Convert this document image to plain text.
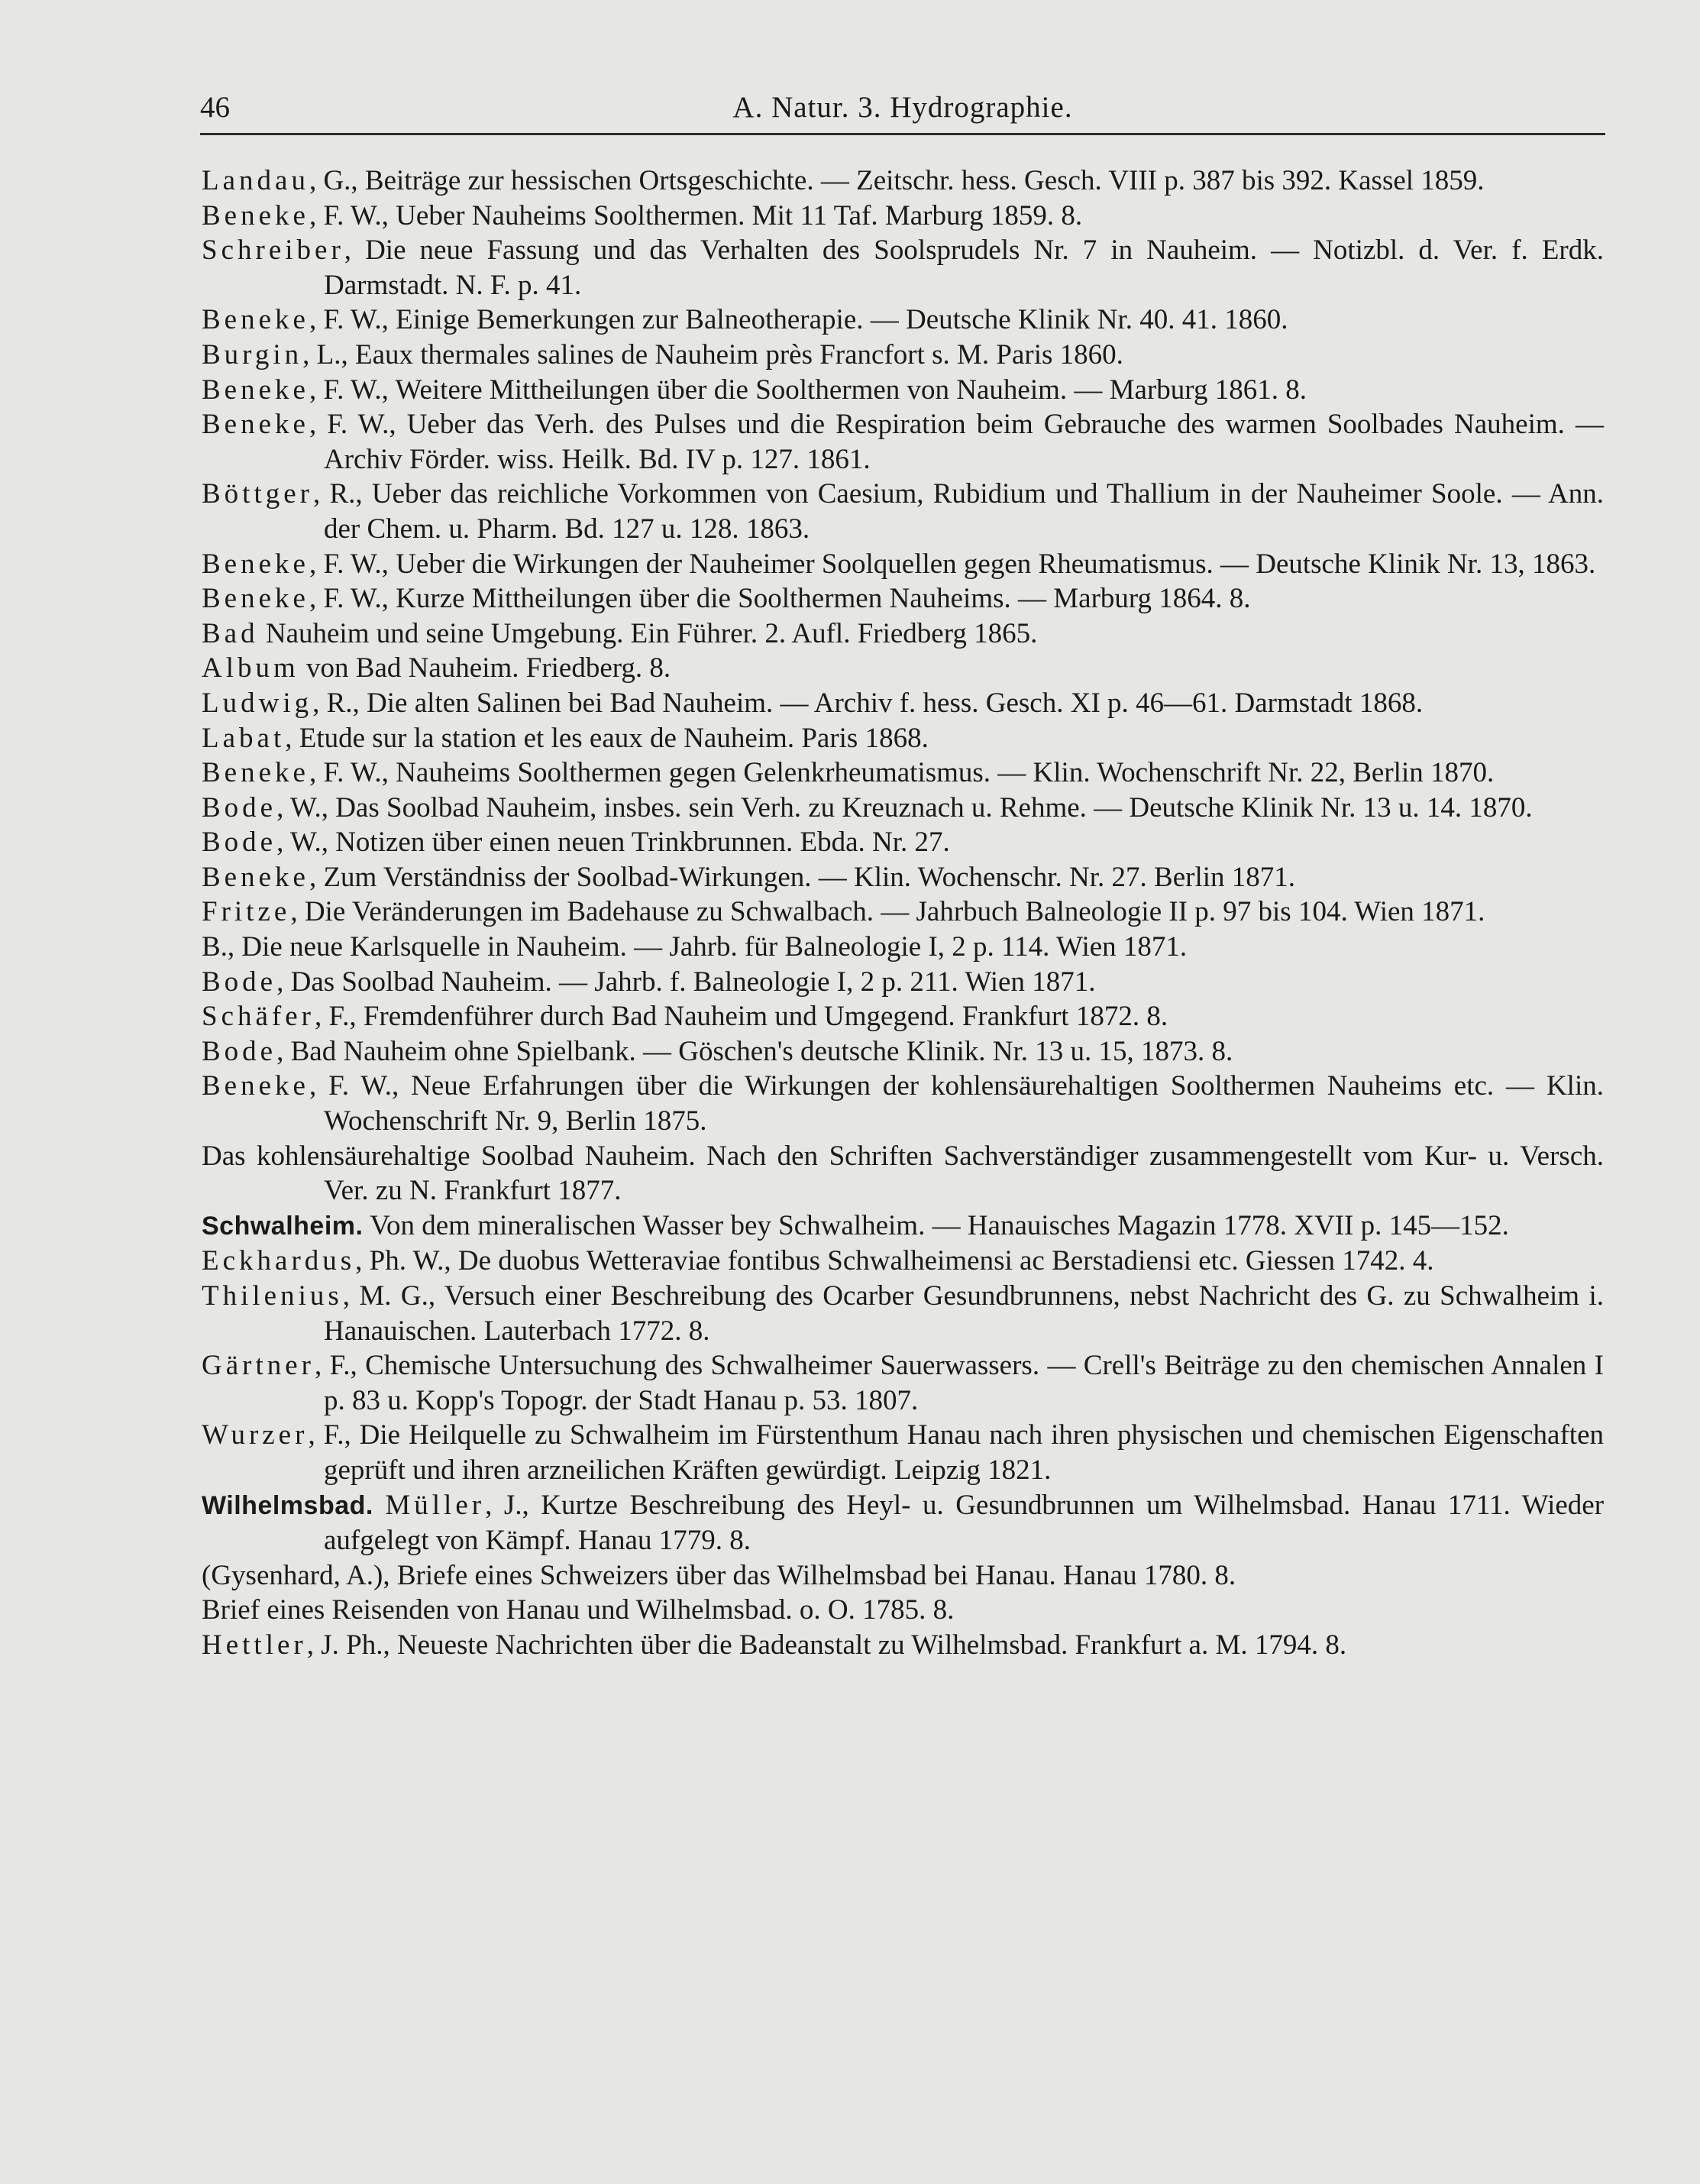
46	A. Natur. 3. Hydrographie.
Landau, G., Beiträge zur hessischen Ortsgeschichte. — Zeitschr. hess. Gesch. VIII p. 387 bis 392. Kassel 1859.
Beneke, F. W., Ueber Nauheims Soolthermen. Mit 11 Taf. Marburg 1859. 8.
Schreiber, Die neue Fassung und das Verhalten des Soolsprudels Nr. 7 in Nauheim. — Notizbl. d. Ver. f. Erdk. Darmstadt. N. F. p. 41.
Beneke, F. W., Einige Bemerkungen zur Balneotherapie. — Deutsche Klinik Nr. 40. 41. 1860.
Burgin, L., Eaux thermales salines de Nauheim près Francfort s. M. Paris 1860.
Beneke, F. W., Weitere Mittheilungen über die Soolthermen von Nauheim. — Marburg 1861. 8.
Beneke, F. W., Ueber das Verh. des Pulses und die Respiration beim Gebrauche des warmen Soolbades Nauheim. — Archiv Förder. wiss. Heilk. Bd. IV p. 127. 1861.
Böttger, R., Ueber das reichliche Vorkommen von Caesium, Rubidium und Thallium in der Nauheimer Soole. — Ann. der Chem. u. Pharm. Bd. 127 u. 128. 1863.
Beneke, F. W., Ueber die Wirkungen der Nauheimer Soolquellen gegen Rheumatismus. — Deutsche Klinik Nr. 13, 1863.
Beneke, F. W., Kurze Mittheilungen über die Soolthermen Nauheims. — Marburg 1864. 8.
Bad Nauheim und seine Umgebung. Ein Führer. 2. Aufl. Friedberg 1865.
Album von Bad Nauheim. Friedberg. 8.
Ludwig, R., Die alten Salinen bei Bad Nauheim. — Archiv f. hess. Gesch. XI p. 46—61. Darmstadt 1868.
Labat, Etude sur la station et les eaux de Nauheim. Paris 1868.
Beneke, F. W., Nauheims Soolthermen gegen Gelenkrheumatismus. — Klin. Wochenschrift Nr. 22, Berlin 1870.
Bode, W., Das Soolbad Nauheim, insbes. sein Verh. zu Kreuznach u. Rehme. — Deutsche Klinik Nr. 13 u. 14. 1870.
Bode, W., Notizen über einen neuen Trinkbrunnen. Ebda. Nr. 27.
Beneke, Zum Verständniss der Soolbad-Wirkungen. — Klin. Wochenschr. Nr. 27. Berlin 1871.
Fritze, Die Veränderungen im Badehause zu Schwalbach. — Jahrbuch Balneologie II p. 97 bis 104. Wien 1871.
B., Die neue Karlsquelle in Nauheim. — Jahrb. für Balneologie I, 2 p. 114. Wien 1871.
Bode, Das Soolbad Nauheim. — Jahrb. f. Balneologie I, 2 p. 211. Wien 1871.
Schäfer, F., Fremdenführer durch Bad Nauheim und Umgegend. Frankfurt 1872. 8.
Bode, Bad Nauheim ohne Spielbank. — Göschen's deutsche Klinik. Nr. 13 u. 15, 1873. 8.
Beneke, F. W., Neue Erfahrungen über die Wirkungen der kohlensäurehaltigen Soolthermen Nauheims etc. — Klin. Wochenschrift Nr. 9, Berlin 1875.
Das kohlensäurehaltige Soolbad Nauheim. Nach den Schriften Sachverständiger zusammengestellt vom Kur- u. Versch. Ver. zu N. Frankfurt 1877.
Schwalheim. Von dem mineralischen Wasser bey Schwalheim. — Hanauisches Magazin 1778. XVII p. 145—152.
Eckhardus, Ph. W., De duobus Wetteraviae fontibus Schwalheimensi ac Berstadiensi etc. Giessen 1742. 4.
Thilenius, M. G., Versuch einer Beschreibung des Ocarber Gesundbrunnens, nebst Nachricht des G. zu Schwalheim i. Hanauischen. Lauterbach 1772. 8.
Gärtner, F., Chemische Untersuchung des Schwalheimer Sauerwassers. — Crell's Beiträge zu den chemischen Annalen I p. 83 u. Kopp's Topogr. der Stadt Hanau p. 53. 1807.
Wurzer, F., Die Heilquelle zu Schwalheim im Fürstenthum Hanau nach ihren physischen und chemischen Eigenschaften geprüft und ihren arzneilichen Kräften gewürdigt. Leipzig 1821.
Wilhelmsbad. Müller, J., Kurtze Beschreibung des Heyl- u. Gesundbrunnen um Wilhelmsbad. Hanau 1711. Wieder aufgelegt von Kämpf. Hanau 1779. 8.
(Gysenhard, A.), Briefe eines Schweizers über das Wilhelmsbad bei Hanau. Hanau 1780. 8.
Brief eines Reisenden von Hanau und Wilhelmsbad. o. O. 1785. 8.
Hettler, J. Ph., Neueste Nachrichten über die Badeanstalt zu Wilhelmsbad. Frankfurt a. M. 1794. 8.
